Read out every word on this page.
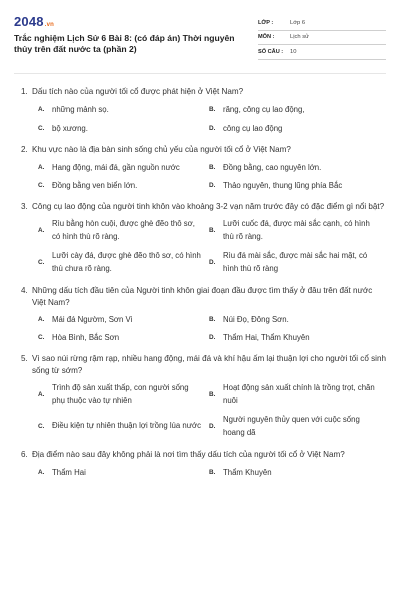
2048.vn
Trắc nghiệm Lịch Sử 6 Bài 8: (có đáp án) Thời nguyên thủy trên đất nước ta (phần 2)
LỚP :	Lớp 6
MÔN :	Lịch sử
SỐ CÂU :	10
1. Dấu tích nào của người tối cổ được phát hiện ở Việt Nam?
A. những mảnh sọ.	B. răng, công cụ lao động,
C. bộ xương.	D. công cụ lao động
2. Khu vực nào là địa bàn sinh sống chủ yếu của người tối cổ ở Việt Nam?
A. Hang động, mái đá, gần nguồn nước	B. Đồng bằng, cao nguyên lớn.
C. Đồng bằng ven biển lớn.	D. Thảo nguyên, thung lũng phía Bắc
3. Công cụ lao động của người tinh khôn vào khoảng 3-2 vạn năm trước đây có đặc điểm gì nổi bật?
A.
Rìu bằng hòn cuội, được ghè đẽo thô sơ, có hình thù rõ ràng.
B.
Lưỡi cuốc đá, được mài sắc cạnh, có hình thù rõ ràng.
C.
Lưỡi cày đá, được ghè đẽo thô sơ, có hình thù chưa rõ ràng.
D.
Rìu đá mài sắc, được mài sắc hai mặt, có hình thù rõ ràng
4. Những dấu tích đầu tiên của Người tinh khôn giai đoạn đầu được tìm thấy ở đâu trên đất nước Việt Nam?
A. Mái đá Ngườm, Sơn Vi	B. Núi Đọ, Đông Sơn.
C. Hòa Bình, Bắc Sơn	D. Thẩm Hai, Thẩm Khuyên
5. Vì sao núi rừng rậm rạp, nhiều hang động, mái đá và khí hậu ấm lại thuận lợi cho người tối cổ sinh sống từ sớm?
A.
Trình độ sản xuất thấp, con người sống phụ thuộc vào tự nhiên
B.
Hoạt động sản xuất chính là trồng trọt, chăn nuôi
C. Điều kiện tự nhiên thuận lợi trồng lúa nước	D.
Người nguyên thủy quen với cuộc sống hoang dã
6. Địa điểm nào sau đây không phải là nơi tìm thấy dấu tích của người tối cổ ở Việt Nam?
A. Thẩm Hai	B. Thẩm Khuyên
